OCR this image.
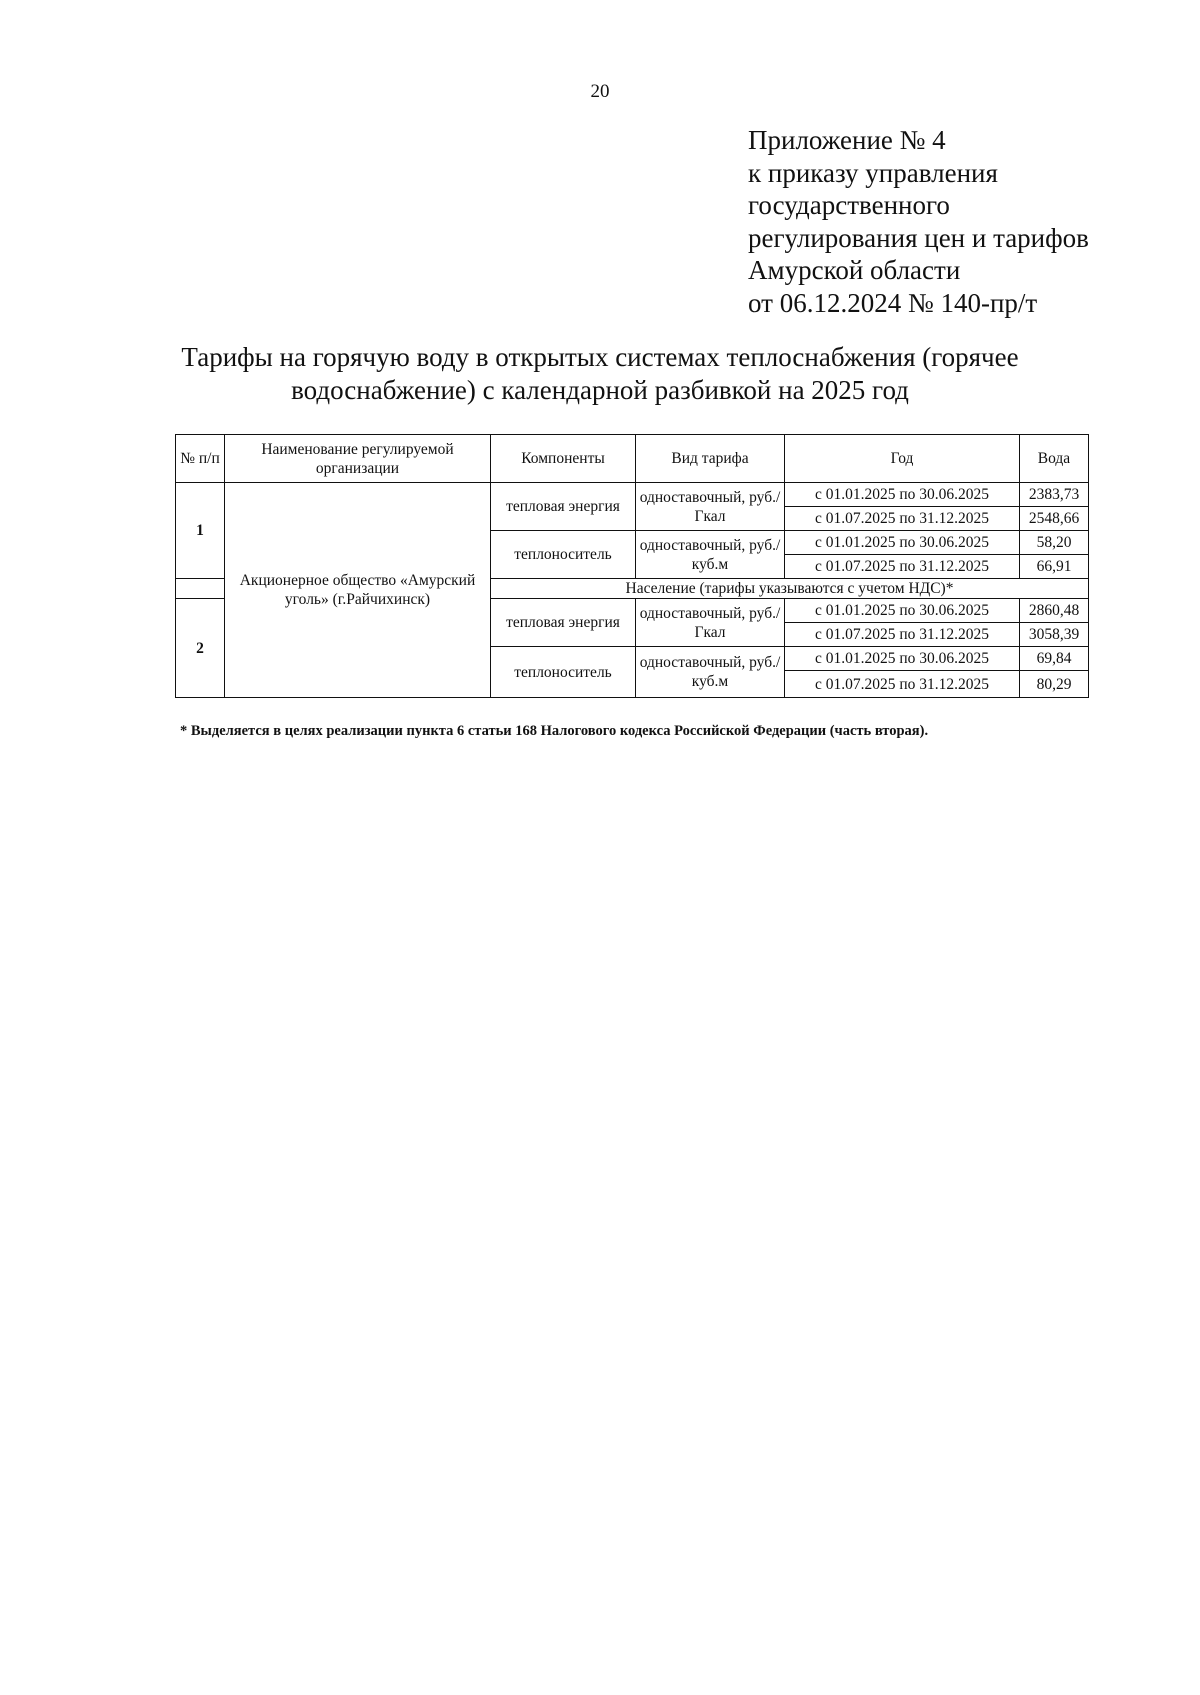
20
Приложение № 4
к приказу управления
государственного
регулирования цен и тарифов
Амурской области
от 06.12.2024 № 140-пр/т
Тарифы на горячую воду в открытых системах теплоснабжения (горячее
водоснабжение) с календарной разбивкой на 2025 год
№ п/п	Наименование регулируемой организации	Компоненты	Вид тарифа	Год	Вода
1	Акционерное общество «Амурский уголь» (г.Райчихинск)	тепловая энергия	одноставочный, руб./Гкал	с 01.01.2025 по 30.06.2025	2383,73
				с 01.07.2025 по 31.12.2025	2548,66
		теплоноситель	одноставочный, руб./куб.м	с 01.01.2025 по 30.06.2025	58,20
				с 01.07.2025 по 31.12.2025	66,91
		Население (тарифы указываются с учетом НДС)*			
2		тепловая энергия	одноставочный, руб./Гкал	с 01.01.2025 по 30.06.2025	2860,48
				с 01.07.2025 по 31.12.2025	3058,39
		теплоноситель	одноставочный, руб./куб.м	с 01.01.2025 по 30.06.2025	69,84
				с 01.07.2025 по 31.12.2025	80,29
* Выделяется в целях реализации пункта 6 статьи 168 Налогового кодекса Российской Федерации (часть вторая).
